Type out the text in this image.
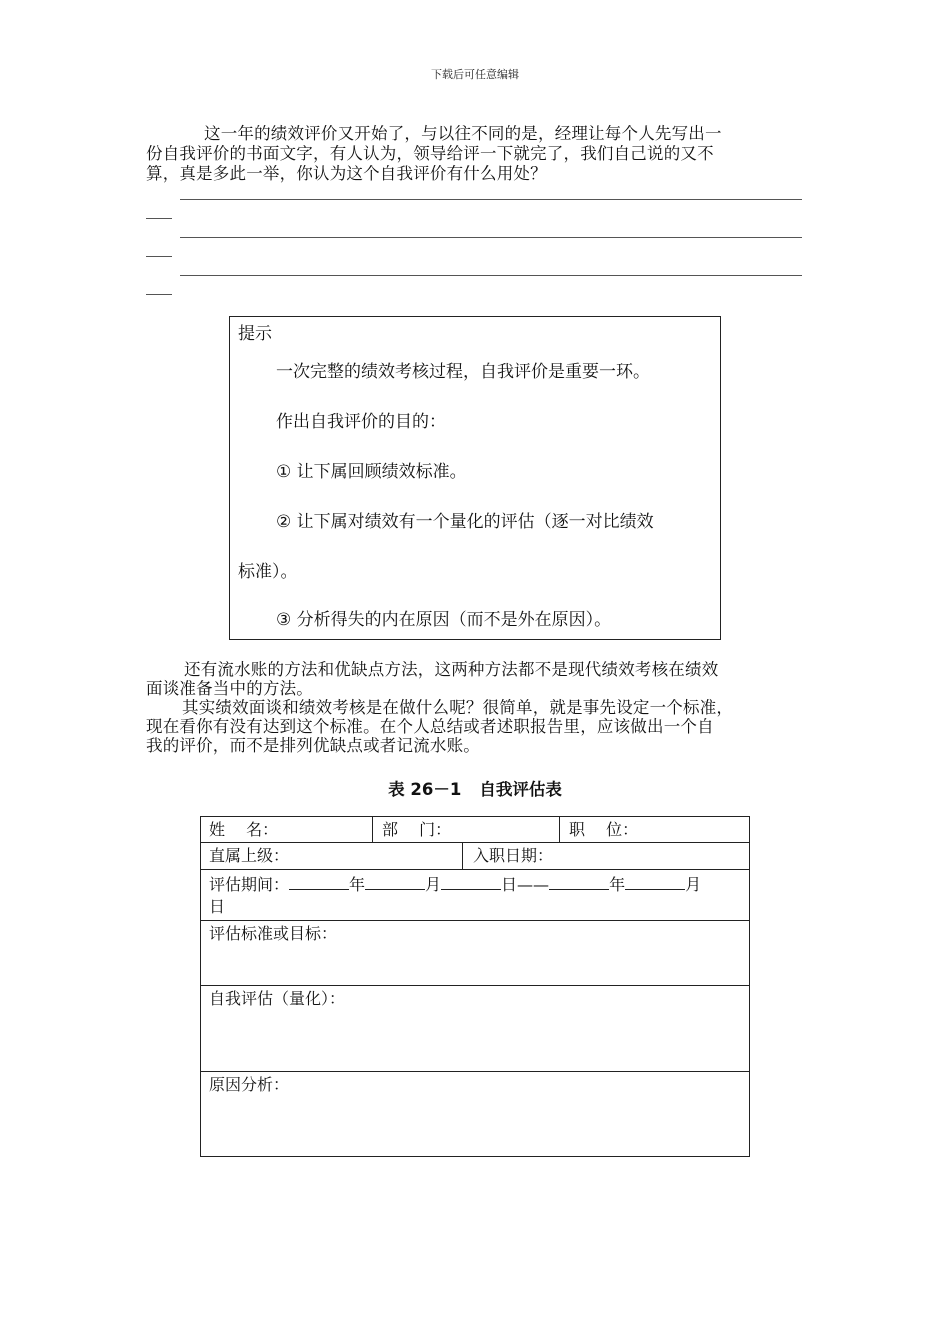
下载后可任意编辑
这一年的绩效评价又开始了，与以往不同的是，经理让每个人先写出一
份自我评价的书面文字，有人认为，领导给评一下就完了，我们自己说的又不
算，真是多此一举，你认为这个自我评价有什么用处？
提示
一次完整的绩效考核过程，自我评价是重要一环。
作出自我评价的目的：
① 让下属回顾绩效标准。
② 让下属对绩效有一个量化的评估（逐一对比绩效
标准）。
③ 分析得失的内在原因（而不是外在原因）。
还有流水账的方法和优缺点方法，这两种方法都不是现代绩效考核在绩效
面谈准备当中的方法。
其实绩效面谈和绩效考核是在做什么呢？很简单，就是事先设定一个标准，
现在看你有没有达到这个标准。在个人总结或者述职报告里，应该做出一个自
我的评价，而不是排列优缺点或者记流水账。
表 26－1 自我评估表
姓　 名：	部　 门：	职　 位：
直属上级：	入职日期：
评估期间：	年	月	日——	年	月
日
评估标准或目标：
自我评估（量化）：
原因分析：
